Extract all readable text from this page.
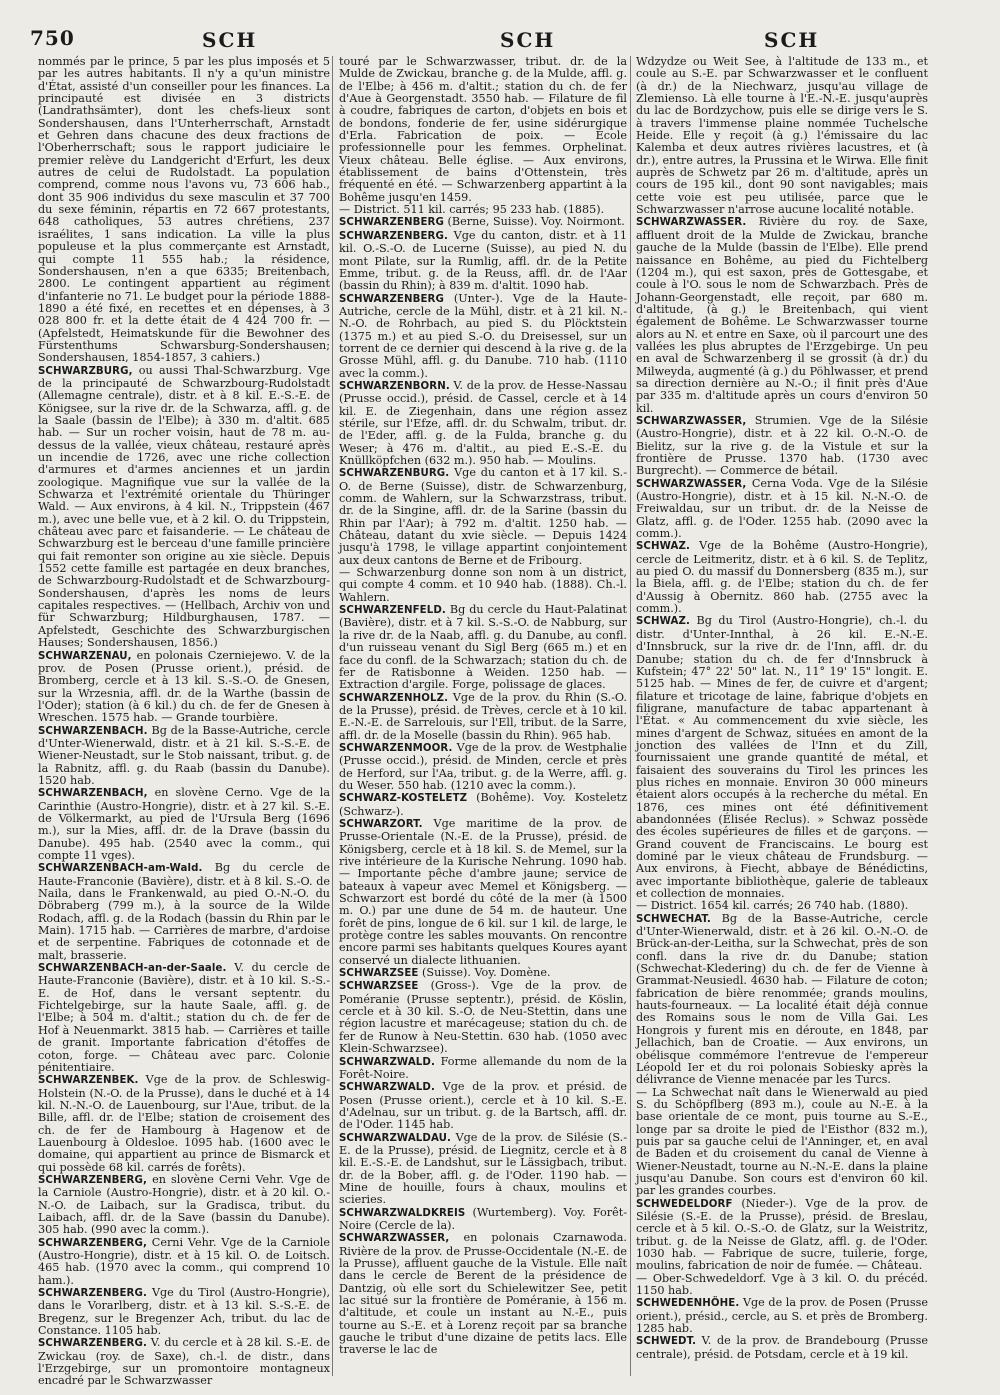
750	SCH	SCH	SCH

nommés par le prince, 5 par les plus imposés et 5 par les autres habitants. Il n'y a qu'un ministre d'État, assisté d'un conseiller pour les finances. La principauté est divisée en 3 districts (Landrathsämter), dont les chefs-lieux sont Sondershausen, dans l'Unterherrschaft, Arnstadt et Gehren dans chacune des deux fractions de l'Oberherrschaft; sous le rapport judiciaire le premier relève du Landgericht d'Erfurt, les deux autres de celui de Rudolstadt. La population comprend, comme nous l'avons vu, 73 606 hab., dont 35 906 individus du sexe masculin et 37 700 du sexe féminin, répartis en 72 667 protestants, 648 catholiques, 53 autres chrétiens, 237 israélites, 1 sans indication. La ville la plus populeuse et la plus commerçante est Arnstadt, qui compte 11 555 hab.; la résidence, Sondershausen, n'en a que 6335; Breitenbach, 2800. Le contingent appartient au régiment d'infanterie no 71. Le budget pour la période 1888-1890 a été fixé, en recettes et en dépenses, à 3 028 800 fr. et la dette était de 4 424 700 fr. — (Apfelstedt, Heimatskunde für die Bewohner des Fürstenthums Schwarsburg-Sondershausen; Sondershausen, 1854-1857, 3 cahiers.)

SCHWARZBURG, ou aussi Thal-Schwarzburg. Vge de la principauté de Schwarzbourg-Rudolstadt (Allemagne centrale), distr. et à 8 kil. E.-S.-E. de Königsee, sur la rive dr. de la Schwarza, affl. g. de la Saale (bassin de l'Elbe); à 330 m. d'altit. 685 hab. — Sur un rocher voisin, haut de 78 m. au-dessus de la vallée, vieux château, restauré après un incendie de 1726, avec une riche collection d'armures et d'armes anciennes et un jardin zoologique. Magnifique vue sur la vallée de la Schwarza et l'extrémité orientale du Thüringer Wald. — Aux environs, à 4 kil. N., Trippstein (467 m.), avec une belle vue, et à 2 kil. O. du Trippstein, château avec parc et faisanderie. — Le château de Schwarzburg est le berceau d'une famille princière qui fait remonter son origine au xie siècle. Depuis 1552 cette famille est partagée en deux branches, de Schwarzbourg-Rudolstadt et de Schwarzbourg-Sondershausen, d'après les noms de leurs capitales respectives. — (Hellbach, Archiv von und für Schwarzburg; Hildburghausen, 1787. — Apfelstedt, Geschichte des Schwarzburgischen Hauses; Sondershausen, 1856.)

SCHWARZENAU, en polonais Czerniejewo. V. de la prov. de Posen (Prusse orient.), présid. de Bromberg, cercle et à 13 kil. S.-S.-O. de Gnesen, sur la Wrzesnia, affl. dr. de la Warthe (bassin de l'Oder); station (à 6 kil.) du ch. de fer de Gnesen à Wreschen. 1575 hab. — Grande tourbière.

SCHWARZENBACH. Bg de la Basse-Autriche, cercle d'Unter-Wienerwald, distr. et à 21 kil. S.-S.-E. de Wiener-Neustadt, sur le Stob naissant, tribut. g. de la Rabnitz, affl. g. du Raab (bassin du Danube). 1520 hab.

SCHWARZENBACH, en slovène Cerno. Vge de la Carinthie (Austro-Hongrie), distr. et à 27 kil. S.-E. de Völkermarkt, au pied de l'Ursula Berg (1696 m.), sur la Mies, affl. dr. de la Drave (bassin du Danube). 495 hab. (2540 avec la comm., qui compte 11 vges).

SCHWARZENBACH-am-Wald. Bg du cercle de Haute-Franconie (Bavière), distr. et à 8 kil. S.-O. de Naila, dans le Frankenwald, au pied O.-N.-O. du Döbraberg (799 m.), à la source de la Wilde Rodach, affl. g. de la Rodach (bassin du Rhin par le Main). 1715 hab. — Carrières de marbre, d'ardoise et de serpentine. Fabriques de cotonnade et de malt, brasserie.

SCHWARZENBACH-an-der-Saale. V. du cercle de Haute-Franconie (Bavière), distr. et à 10 kil. S.-S.-E. de Hof, dans le versant septentr. du Fichtelgebirge, sur la haute Saale, affl. g. de l'Elbe; à 504 m. d'altit.; station du ch. de fer de Hof à Neuenmarkt. 3815 hab. — Carrières et taille de granit. Importante fabrication d'étoffes de coton, forge. — Château avec parc. Colonie pénitentiaire.

SCHWARZENBEK. Vge de la prov. de Schleswig-Holstein (N.-O. de la Prusse), dans le duché et à 14 kil. N.-N.-O. de Lauenbourg, sur l'Aue, tribut. de la Bille, affl. dr. de l'Elbe; station de croisement des ch. de fer de Hambourg à Hagenow et de Lauenbourg à Oldesloe. 1095 hab. (1600 avec le domaine, qui appartient au prince de Bismarck et qui possède 68 kil. carrés de forêts).

SCHWARZENBERG, en slovène Cerni Vehr. Vge de la Carniole (Austro-Hongrie), distr. et à 20 kil. O.-N.-O. de Laibach, sur la Gradisca, tribut. du Laibach, affl. dr. de la Save (bassin du Danube). 305 hab. (990 avec la comm.).

SCHWARZENBERG, Cerni Vehr. Vge de la Carniole (Austro-Hongrie), distr. et à 15 kil. O. de Loitsch. 465 hab. (1970 avec la comm., qui comprend 10 ham.).

SCHWARZENBERG. Vge du Tirol (Austro-Hongrie), dans le Vorarlberg, distr. et à 13 kil. S.-S.-E. de Bregenz, sur le Bregenzer Ach, tribut. du lac de Constance. 1105 hab.

SCHWARZENBERG. V. du cercle et à 28 kil. S.-E. de Zwickau (roy. de Saxe), ch.-l. de distr., dans l'Erzgebirge, sur un promontoire montagneux encadré par le Schwarzwasser

touré par le Schwarzwasser, tribut. dr. de la Mulde de Zwickau, branche g. de la Mulde, affl. g. de l'Elbe; à 456 m. d'altit.; station du ch. de fer d'Aue à Georgenstadt. 3550 hab. — Filature de fil à coudre, fabriques de carton, d'objets en bois et de bondons, fonderie de fer, usine sidérurgique d'Erla. Fabrication de poix. — École professionnelle pour les femmes. Orphelinat. Vieux château. Belle église. — Aux environs, établissement de bains d'Ottenstein, très fréquenté en été. — Schwarzenberg appartint à la Bohême jusqu'en 1459.

— District. 511 kil. carrés; 95 233 hab. (1885).

SCHWARZENBERG (Berne, Suisse). Voy. Noirmont.

SCHWARZENBERG. Vge du canton, distr. et à 11 kil. O.-S.-O. de Lucerne (Suisse), au pied N. du mont Pilate, sur la Rumlig, affl. dr. de la Petite Emme, tribut. g. de la Reuss, affl. dr. de l'Aar (bassin du Rhin); à 839 m. d'altit. 1090 hab.

SCHWARZENBERG (Unter-). Vge de la Haute-Autriche, cercle de la Mühl, distr. et à 21 kil. N.-N.-O. de Rohrbach, au pied S. du Plöcktstein (1375 m.) et au pied S.-O. du Dreisessel, sur un torrent de ce dernier qui descend à la rive g. de la Grosse Mühl, affl. g. du Danube. 710 hab. (1110 avec la comm.).

SCHWARZENBORN. V. de la prov. de Hesse-Nassau (Prusse occid.), présid. de Cassel, cercle et à 14 kil. E. de Ziegenhain, dans une région assez stérile, sur l'Efze, affl. dr. du Schwalm, tribut. dr. de l'Eder, affl. g. de la Fulda, branche g. du Weser; à 476 m. d'altit., au pied E.-S.-E. du Knüllköpfchen (632 m.). 950 hab. — Moulins.

SCHWARZENBURG. Vge du canton et à 17 kil. S.-O. de Berne (Suisse), distr. de Schwarzenburg, comm. de Wahlern, sur la Schwarzstrass, tribut. dr. de la Singine, affl. dr. de la Sarine (bassin du Rhin par l'Aar); à 792 m. d'altit. 1250 hab. — Château, datant du xvie siècle. — Depuis 1424 jusqu'à 1798, le village appartint conjointement aux deux cantons de Berne et de Fribourg.

— Schwarzenburg donne son nom à un district, qui compte 4 comm. et 10 940 hab. (1888). Ch.-l. Wahlern.

SCHWARZENFELD. Bg du cercle du Haut-Palatinat (Bavière), distr. et à 7 kil. S.-S.-O. de Nabburg, sur la rive dr. de la Naab, affl. g. du Danube, au confl. d'un ruisseau venant du Sigl Berg (665 m.) et en face du confl. de la Schwarzach; station du ch. de fer de Ratisbonne à Weiden. 1250 hab. — Extraction d'argile. Forge, polissage de glaces.

SCHWARZENHOLZ. Vge de la prov. du Rhin (S.-O. de la Prusse), présid. de Trèves, cercle et à 10 kil. E.-N.-E. de Sarrelouis, sur l'Ell, tribut. de la Sarre, affl. dr. de la Moselle (bassin du Rhin). 965 hab.

SCHWARZENMOOR. Vge de la prov. de Westphalie (Prusse occid.), présid. de Minden, cercle et près de Herford, sur l'Aa, tribut. g. de la Werre, affl. g. du Weser. 550 hab. (1210 avec la comm.).

SCHWARZ-KOSTELETZ (Bohême). Voy. Kosteletz (Schwarz-).

SCHWARZORT. Vge maritime de la prov. de Prusse-Orientale (N.-E. de la Prusse), présid. de Königsberg, cercle et à 18 kil. S. de Memel, sur la rive intérieure de la Kurische Nehrung. 1090 hab. — Importante pêche d'ambre jaune; service de bateaux à vapeur avec Memel et Königsberg. — Schwarzort est bordé du côté de la mer (à 1500 m. O.) par une dune de 54 m. de hauteur. Une forêt de pins, longue de 6 kil. sur 1 kil. de large, le protège contre les sables mouvants. On rencontre encore parmi ses habitants quelques Koures ayant conservé un dialecte lithuanien.

SCHWARZSEE (Suisse). Voy. Domène.

SCHWARZSEE (Gross-). Vge de la prov. de Poméranie (Prusse septentr.), présid. de Köslin, cercle et à 30 kil. S.-O. de Neu-Stettin, dans une région lacustre et marécageuse; station du ch. de fer de Runow à Neu-Stettin. 630 hab. (1050 avec Klein-Schwarzsee).

SCHWARZWALD. Forme allemande du nom de la Forêt-Noire.

SCHWARZWALD. Vge de la prov. et présid. de Posen (Prusse orient.), cercle et à 10 kil. S.-E. d'Adelnau, sur un tribut. g. de la Bartsch, affl. dr. de l'Oder. 1145 hab.

SCHWARZWALDAU. Vge de la prov. de Silésie (S.-E. de la Prusse), présid. de Liegnitz, cercle et à 8 kil. E.-S.-E. de Landshut, sur le Lässigbach, tribut. dr. de la Bober, affl. g. de l'Oder. 1190 hab. — Mine de houille, fours à chaux, moulins et scieries.

SCHWARZWALDKREIS (Wurtemberg). Voy. Forêt-Noire (Cercle de la).

SCHWARZWASSER, en polonais Czarnawoda. Rivière de la prov. de Prusse-Occidentale (N.-E. de la Prusse), affluent gauche de la Vistule. Elle naît dans le cercle de Berent de la présidence de Dantzig, où elle sort du Schielewitzer See, petit lac situé sur la frontière de Poméranie, à 156 m. d'altitude, et coule un instant au N.-E., puis tourne au S.-E. et à Lorenz reçoit par sa branche gauche le tribut d'une dizaine de petits lacs. Elle traverse le lac de

Wdzydze ou Weit See, à l'altitude de 133 m., et coule au S.-E. par Schwarzwasser et le confluent (à dr.) de la Niechwarz, jusqu'au village de Zlemienso. Là elle tourne à l'E.-N.-E. jusqu'auprès du lac de Bordzychow, puis elle se dirige vers le S. à travers l'immense plaine nommée Tuchelsche Heide. Elle y reçoit (à g.) l'émissaire du lac Kalemba et deux autres rivières lacustres, et (à dr.), entre autres, la Prussina et le Wirwa. Elle finit auprès de Schwetz par 26 m. d'altitude, après un cours de 195 kil., dont 90 sont navigables; mais cette voie est peu utilisée, parce que le Schwarzwasser n'arrose aucune localité notable.

SCHWARZWASSER. Rivière du roy. de Saxe, affluent droit de la Mulde de Zwickau, branche gauche de la Mulde (bassin de l'Elbe). Elle prend naissance en Bohême, au pied du Fichtelberg (1204 m.), qui est saxon, près de Gottesgabe, et coule à l'O. sous le nom de Schwarzbach. Près de Johann-Georgenstadt, elle reçoit, par 680 m. d'altitude, (à g.) le Breitenbach, qui vient également de Bohême. Le Schwarzwasser tourne alors au N. et entre en Saxe, où il parcourt une des vallées les plus abruptes de l'Erzgebirge. Un peu en aval de Schwarzenberg il se grossit (à dr.) du Milweyda, augmenté (à g.) du Pöhlwasser, et prend sa direction dernière au N.-O.; il finit près d'Aue par 335 m. d'altitude après un cours d'environ 50 kil.

SCHWARZWASSER, Strumien. Vge de la Silésie (Austro-Hongrie), distr. et à 22 kil. O.-N.-O. de Bielitz, sur la rive g. de la Vistule et sur la frontière de Prusse. 1370 hab. (1730 avec Burgrecht). — Commerce de bétail.

SCHWARZWASSER, Cerna Voda. Vge de la Silésie (Austro-Hongrie), distr. et à 15 kil. N.-N.-O. de Freiwaldau, sur un tribut. dr. de la Neisse de Glatz, affl. g. de l'Oder. 1255 hab. (2090 avec la comm.).

SCHWAZ. Vge de la Bohême (Austro-Hongrie), cercle de Leitmeritz, distr. et à 6 kil. S. de Teplitz, au pied O. du massif du Donnersberg (835 m.), sur la Biela, affl. g. de l'Elbe; station du ch. de fer d'Aussig à Obernitz. 860 hab. (2755 avec la comm.).

SCHWAZ. Bg du Tirol (Austro-Hongrie), ch.-l. du distr. d'Unter-Innthal, à 26 kil. E.-N.-E. d'Innsbruck, sur la rive dr. de l'Inn, affl. dr. du Danube; station du ch. de fer d'Innsbruck à Kufstein; 47° 22' 50" lat. N., 11° 19' 15" longit. E. 5125 hab. — Mines de fer, de cuivre et d'argent; filature et tricotage de laine, fabrique d'objets en filigrane, manufacture de tabac appartenant à l'État. « Au commencement du xvie siècle, les mines d'argent de Schwaz, situées en amont de la jonction des vallées de l'Inn et du Zill, fournissaient une grande quantité de métal, et faisaient des souverains du Tirol les princes les plus riches en monnaie. Environ 30 000 mineurs étaient alors occupés à la recherche du métal. En 1876, ces mines ont été définitivement abandonnées (Élisée Reclus). » Schwaz possède des écoles supérieures de filles et de garçons. — Grand couvent de Franciscains. Le bourg est dominé par le vieux château de Frundsburg. — Aux environs, à Fiecht, abbaye de Bénédictins, avec importante bibliothèque, galerie de tableaux et collection de monnaies.

— District. 1654 kil. carrés; 26 740 hab. (1880).

SCHWECHAT. Bg de la Basse-Autriche, cercle d'Unter-Wienerwald, distr. et à 26 kil. O.-N.-O. de Brück-an-der-Leitha, sur la Schwechat, près de son confl. dans la rive dr. du Danube; station (Schwechat-Kledering) du ch. de fer de Vienne à Grammat-Neusiedl. 4630 hab. — Filature de coton; fabrication de bière renommée; grands moulins, hauts-fourneaux. — La localité était déjà connue des Romains sous le nom de Villa Gai. Les Hongrois y furent mis en déroute, en 1848, par Jellachich, ban de Croatie. — Aux environs, un obélisque commémore l'entrevue de l'empereur Léopold Ier et du roi polonais Sobiesky après la délivrance de Vienne menacée par les Turcs.

— La Schwechat naît dans le Wienerwald au pied S. du Schöpflberg (893 m.), coule au N.-E. à la base orientale de ce mont, puis tourne au S.-E., longe par sa droite le pied de l'Eisthor (832 m.), puis par sa gauche celui de l'Anninger, et, en aval de Baden et du croisement du canal de Vienne à Wiener-Neustadt, tourne au N.-N.-E. dans la plaine jusqu'au Danube. Son cours est d'environ 60 kil. par les grandes courbes.

SCHWEDELDORF (Nieder-). Vge de la prov. de Silésie (S.-E. de la Prusse), présid. de Breslau, cercle et à 5 kil. O.-S.-O. de Glatz, sur la Weistritz, tribut. g. de la Neisse de Glatz, affl. g. de l'Oder. 1030 hab. — Fabrique de sucre, tuilerie, forge, moulins, fabrication de noir de fumée. — Château.

— Ober-Schwedeldorf. Vge à 3 kil. O. du précéd. 1150 hab.

SCHWEDENHÖHE. Vge de la prov. de Posen (Prusse orient.), présid., cercle, au S. et près de Bromberg. 1285 hab.

SCHWEDT. V. de la prov. de Brandebourg (Prusse centrale), présid. de Potsdam, cercle et à 19 kil.
